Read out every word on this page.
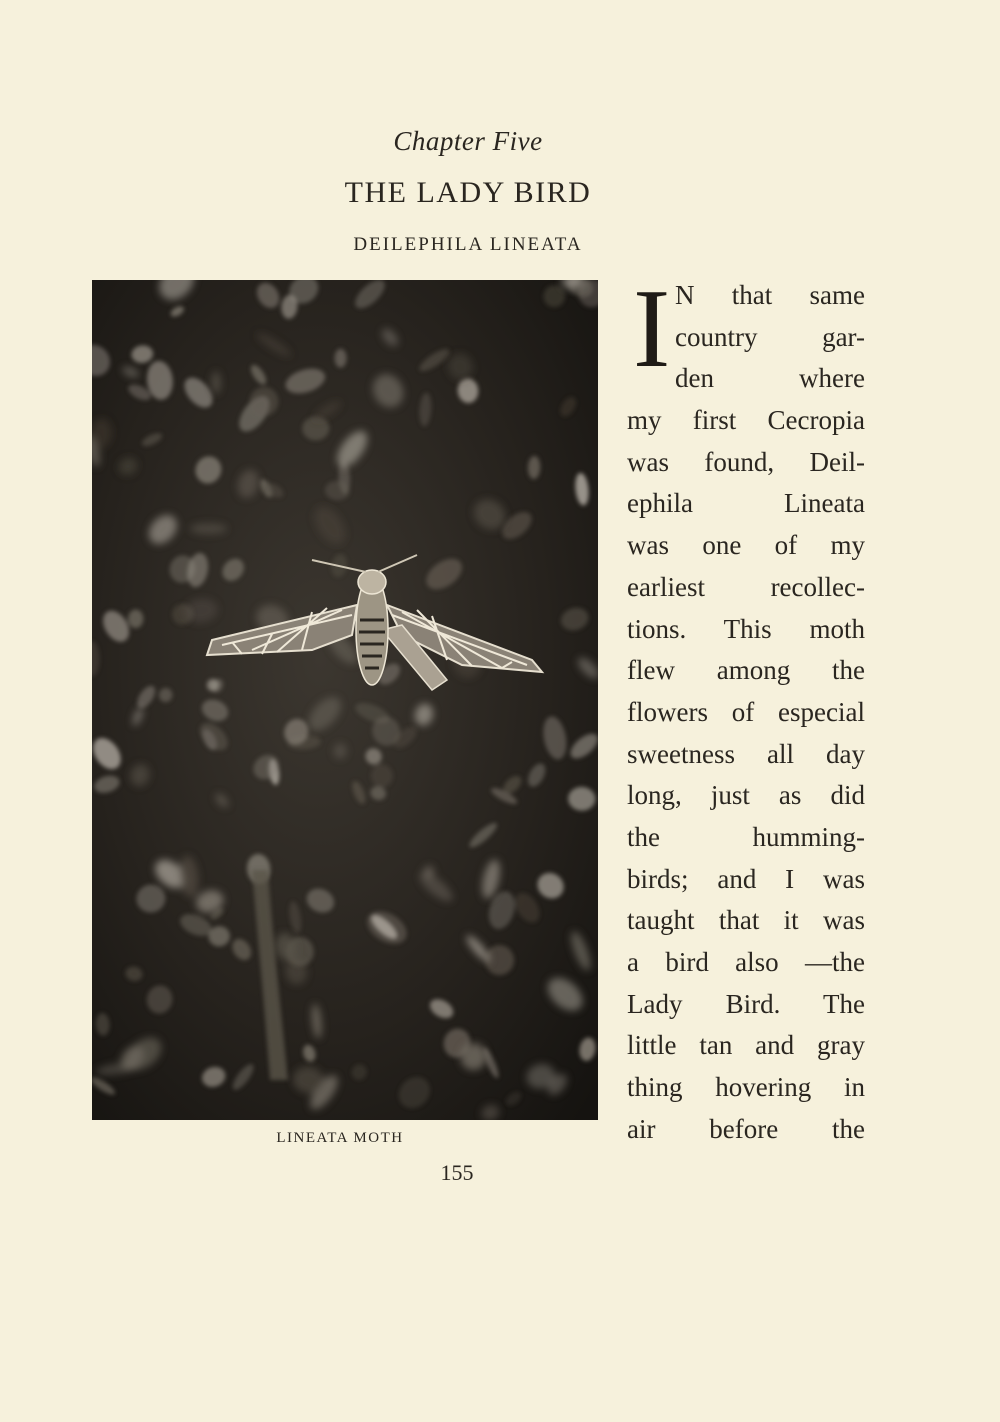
Chapter Five
THE LADY BIRD
DEILEPHILA LINEATA
LINEATA MOTH
155
I N that same
country gar-
den where
my first Cecropia
was found, Deil-
ephila Lineata
was one of my
earliest recollec-
tions. This moth
flew among the
flowers of especial
sweetness all day
long, just as did
the humming-
birds; and I was
taught that it was
a bird also —the
Lady Bird. The
little tan and gray
thing hovering in
air before the
